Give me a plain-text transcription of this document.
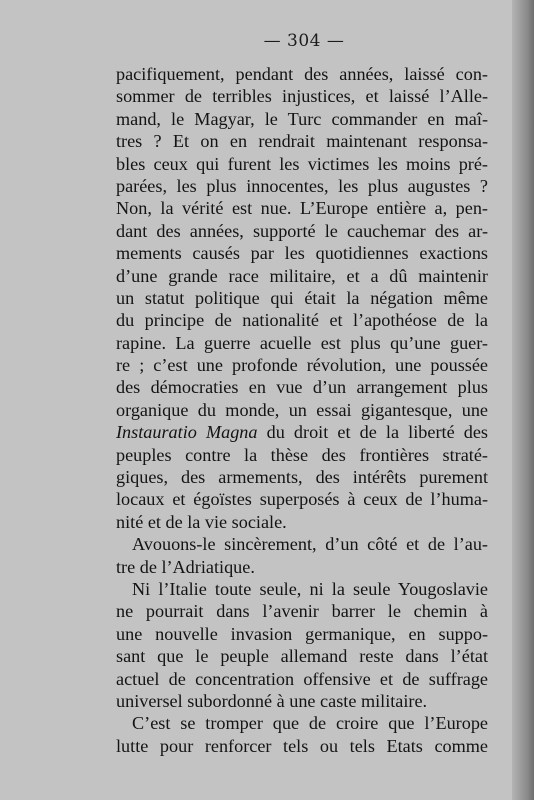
— 304 —
pacifiquement, pendant des années, laissé con-
sommer de terribles injustices, et laissé l’Alle-
mand, le Magyar, le Turc commander en maî-
tres ? Et on en rendrait maintenant responsa-
bles ceux qui furent les victimes les moins pré-
parées, les plus innocentes, les plus augustes ?
Non, la vérité est nue. L’Europe entière a, pen-
dant des années, supporté le cauchemar des ar-
mements causés par les quotidiennes exactions
d’une grande race militaire, et a dû maintenir
un statut politique qui était la négation même
du principe de nationalité et l’apothéose de la
rapine. La guerre acuelle est plus qu’une guer-
re ; c’est une profonde révolution, une poussée
des démocraties en vue d’un arrangement plus
organique du monde, un essai gigantesque, une
Instauratio Magna du droit et de la liberté des
peuples contre la thèse des frontières straté-
giques, des armements, des intérêts purement
locaux et égoïstes superposés à ceux de l’huma-
nité et de la vie sociale.
Avouons-le sincèrement, d’un côté et de l’au-
tre de l’Adriatique.
Ni l’Italie toute seule, ni la seule Yougoslavie
ne pourrait dans l’avenir barrer le chemin à
une nouvelle invasion germanique, en suppo-
sant que le peuple allemand reste dans l’état
actuel de concentration offensive et de suffrage
universel subordonné à une caste militaire.
C’est se tromper que de croire que l’Europe
lutte pour renforcer tels ou tels Etats comme
